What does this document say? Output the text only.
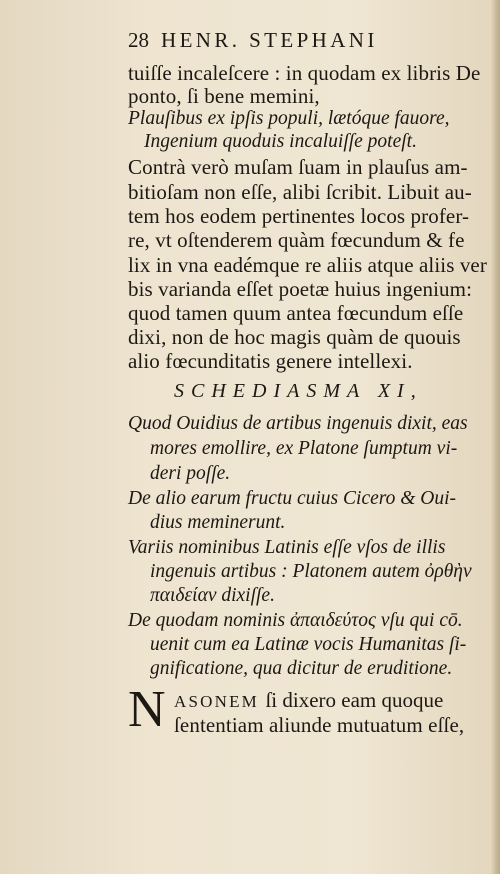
28 HENR. STEPHANI
tuiſſe incaleſcere : in quodam ex libris De
ponto, ſi bene memini,
Plauſibus ex ipſis populi, lætóque fauore,
Ingenium quoduis incaluiſſe poteſt.
Contrà verò muſam ſuam in plauſus am-
bitioſam non eſſe, alibi ſcribit. Libuit au-
tem hos eodem pertinentes locos profer-
re, vt oſtenderem quàm fœcundum & fe
lix in vna eadémque re aliis atque aliis ver
bis varianda eſſet poetæ huius ingenium:
quod tamen quum antea fœcundum eſſe
dixi, non de hoc magis quàm de quouis
alio fœcunditatis genere intellexi.
SCHEDIASMA XI,
Quod Ouidius de artibus ingenuis dixit, eas
mores emollire, ex Platone ſumptum vi-
deri poſſe.
De alio earum fructu cuius Cicero & Oui-
dius meminerunt.
Variis nominibus Latinis eſſe vſos de illis
ingenuis artibus : Platonem autem ὀρθὴν
παιδείαν dixiſſe.
De quodam nominis ἀπαιδεύτος vſu qui cō.
uenit cum ea Latinæ vocis Humanitas ſi-
gnificatione, qua dicitur de eruditione.
N ASONEM ſi dixero eam quoque
ſententiam aliunde mutuatum eſſe,
